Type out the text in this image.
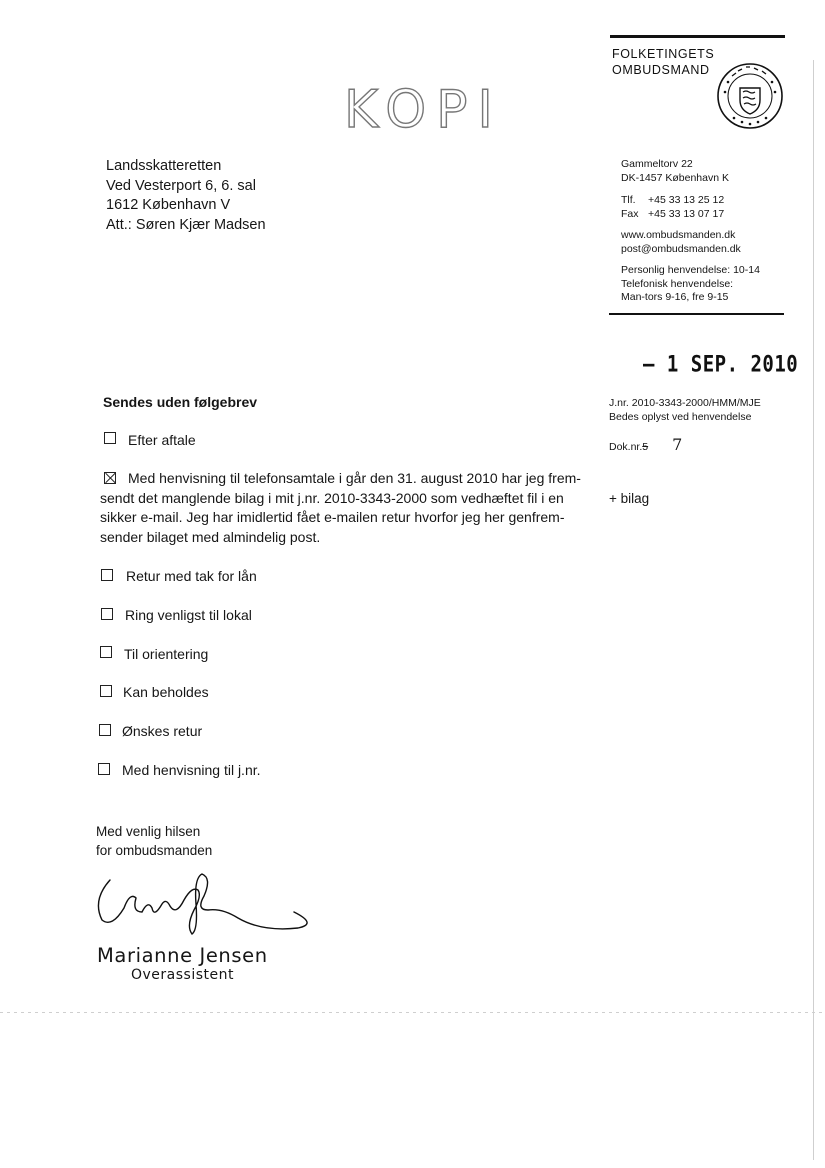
FOLKETINGETS
OMBUDSMAND
KOPI
Landsskatteretten
Ved Vesterport 6, 6. sal
1612 København V
Att.: Søren Kjær Madsen
Gammeltorv 22
DK-1457 København K
Tlf. +45 33 13 25 12
Fax +45 33 13 07 17
www.ombudsmanden.dk
post@ombudsmanden.dk
Personlig henvendelse: 10-14
Telefonisk henvendelse:
Man-tors 9-16, fre 9-15
– 1 SEP. 2010
J.nr. 2010-3343-2000/HMM/MJE
Bedes oplyst ved henvendelse
Dok.nr.5 7
+ bilag
Sendes uden følgebrev
Efter aftale
Med henvisning til telefonsamtale i går den 31. august 2010 har jeg frem-
sendt det manglende bilag i mit j.nr. 2010-3343-2000 som vedhæftet fil i en
sikker e-mail. Jeg har imidlertid fået e-mailen retur hvorfor jeg her genfrem-
sender bilaget med almindelig post.
Retur med tak for lån
Ring venligst til lokal
Til orientering
Kan beholdes
Ønskes retur
Med henvisning til j.nr.
Med venlig hilsen
for ombudsmanden
Marianne Jensen
Overassistent
